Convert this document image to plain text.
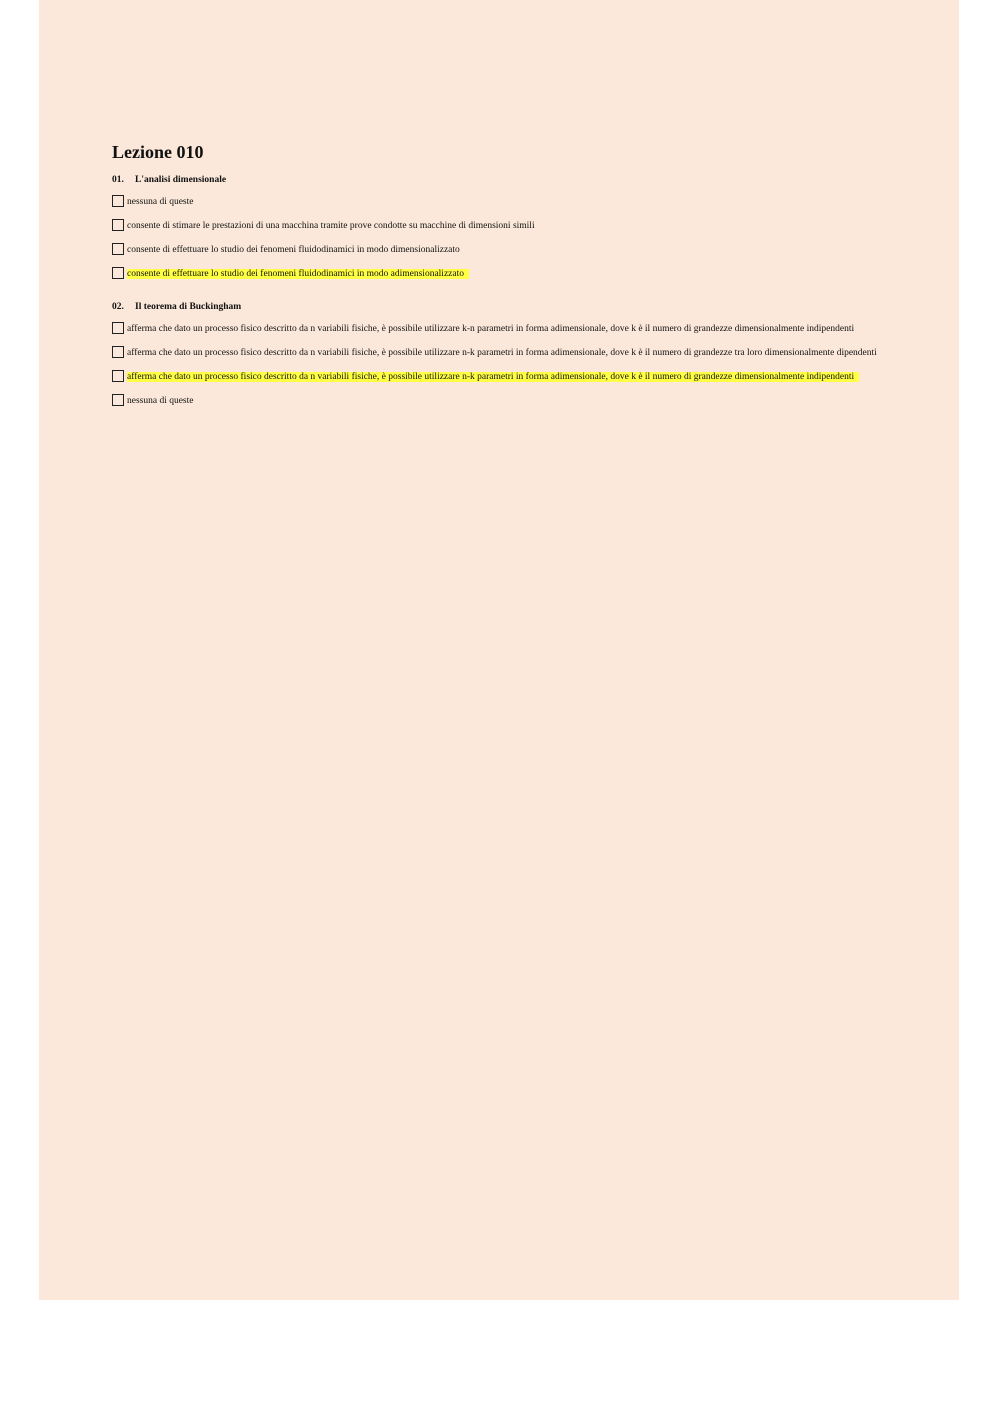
Lezione 010
01. L'analisi dimensionale
nessuna di queste
consente di stimare le prestazioni di una macchina tramite prove condotte su macchine di dimensioni simili
consente di effettuare lo studio dei fenomeni fluidodinamici in modo dimensionalizzato
consente di effettuare lo studio dei fenomeni fluidodinamici in modo adimensionalizzato
02. Il teorema di Buckingham
afferma che dato un processo fisico descritto da n variabili fisiche, è possibile utilizzare k-n parametri in forma adimensionale, dove k è il numero di grandezze dimensionalmente indipendenti
afferma che dato un processo fisico descritto da n variabili fisiche, è possibile utilizzare n-k parametri in forma adimensionale, dove k è il numero di grandezze tra loro dimensionalmente dipendenti
afferma che dato un processo fisico descritto da n variabili fisiche, è possibile utilizzare n-k parametri in forma adimensionale, dove k è il numero di grandezze dimensionalmente indipendenti
nessuna di queste
